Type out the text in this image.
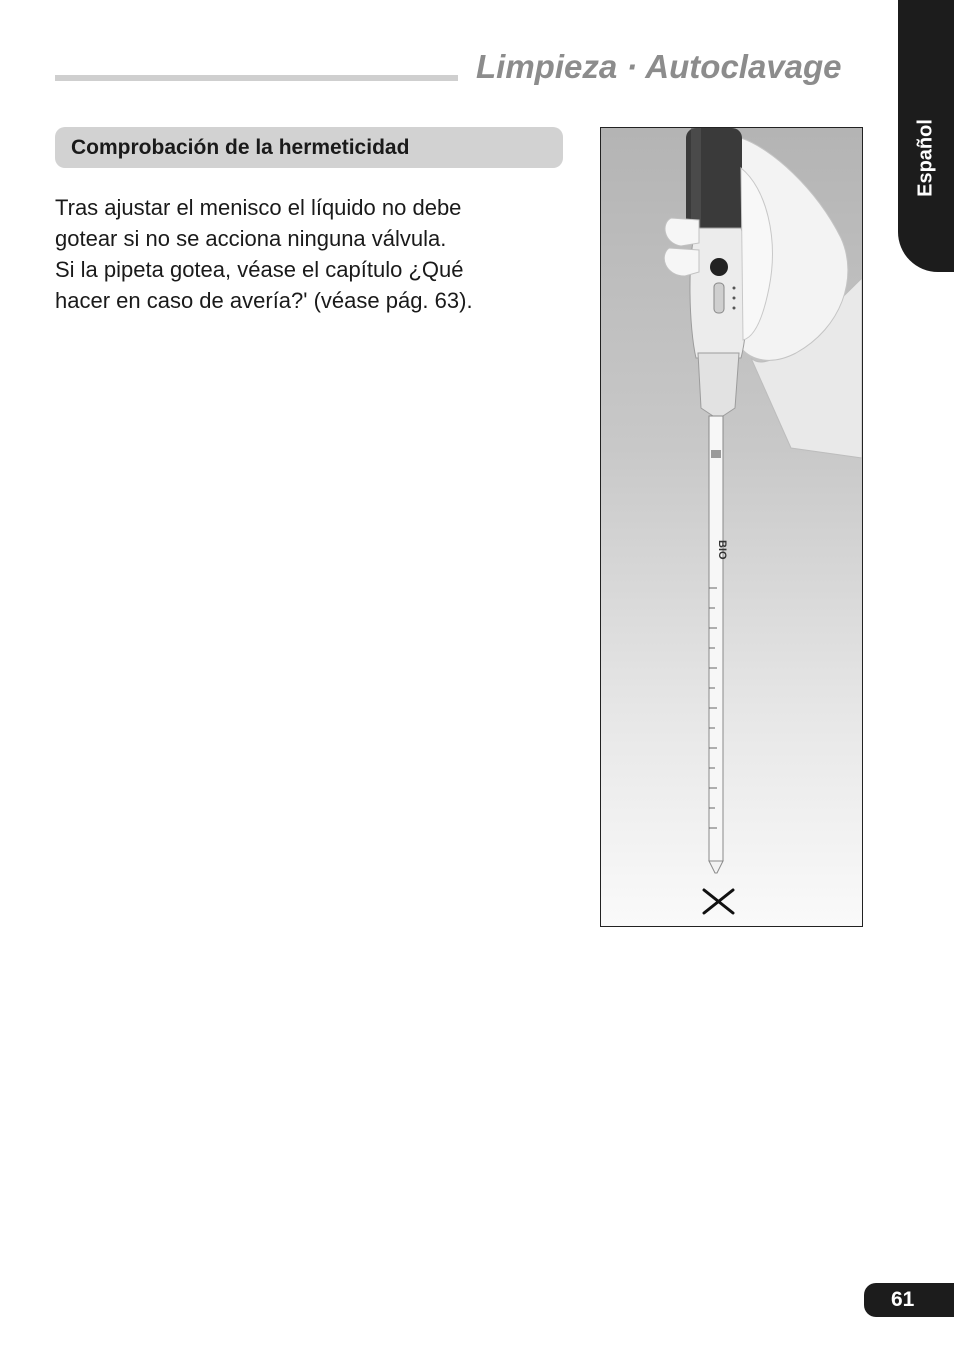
Limpieza · Autoclavage
Español
Comprobación de la hermeticidad
Tras ajustar el menisco el líquido no debe
gotear si no se acciona ninguna válvula.
Si la pipeta gotea, véase el capítulo ¿Qué
hacer en caso de avería?' (véase pág. 63).
BIO
61
